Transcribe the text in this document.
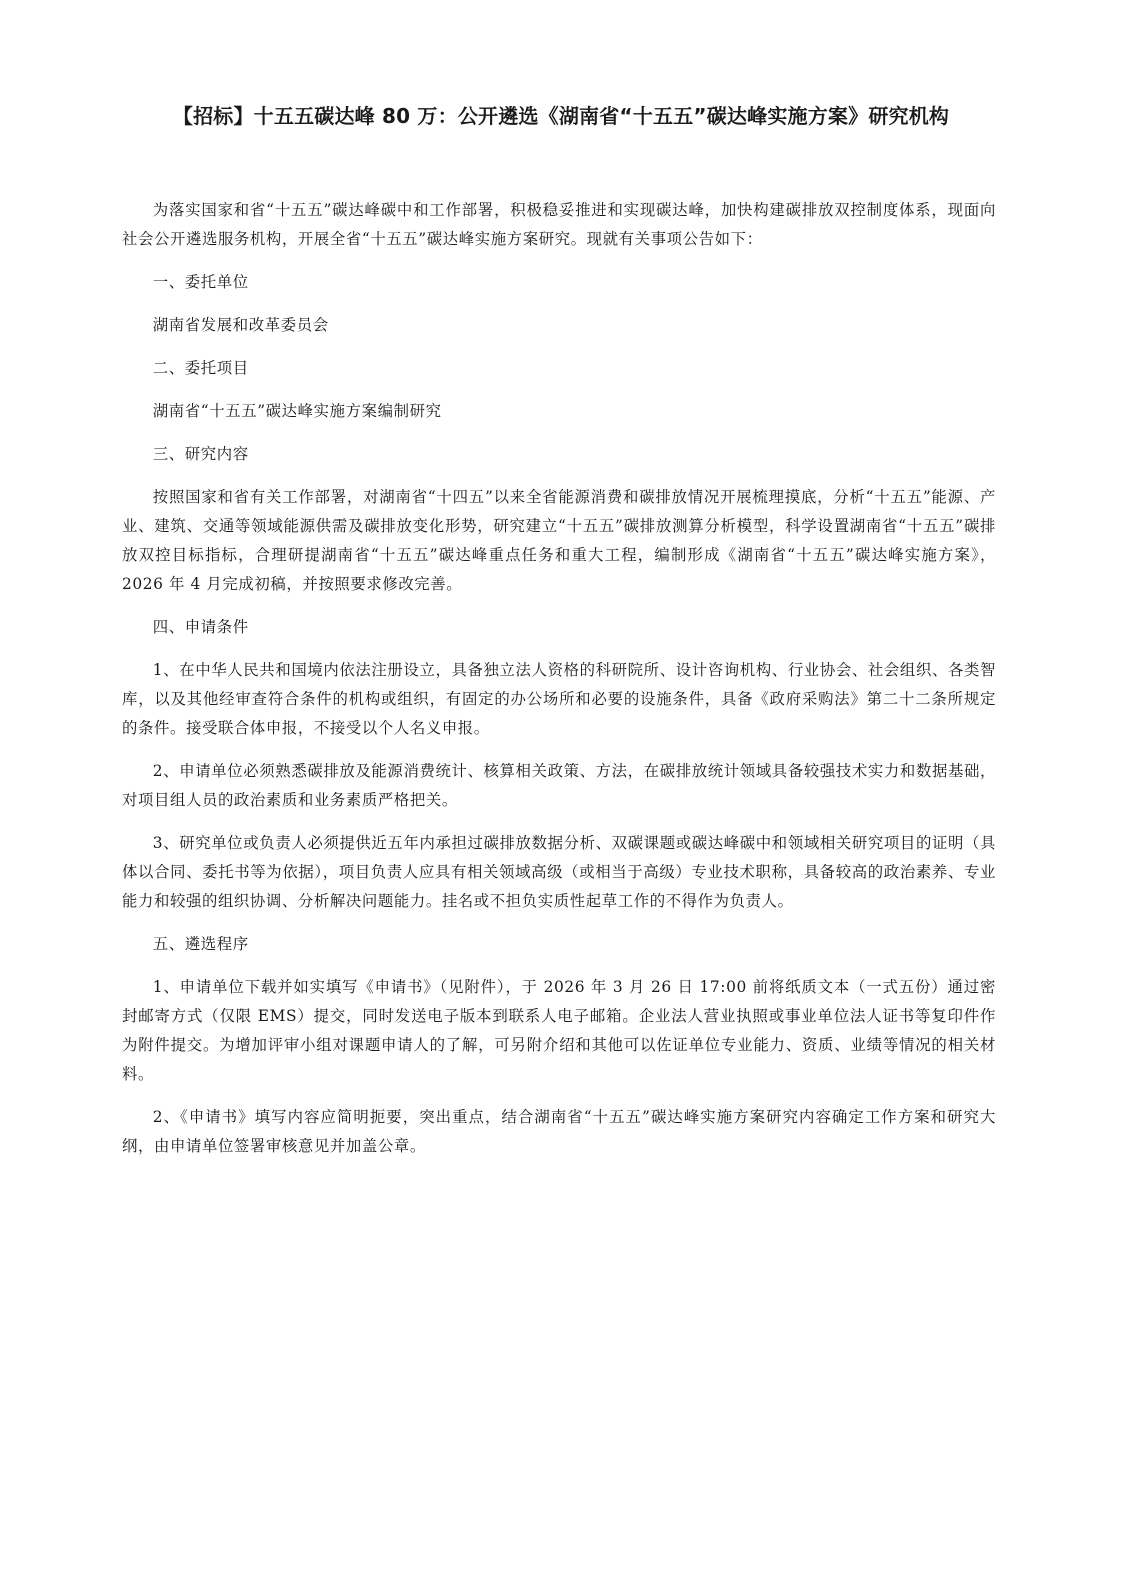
【招标】十五五碳达峰 80 万：公开遴选《湖南省“十五五”碳达峰实施方案》研究机构

为落实国家和省“十五五”碳达峰碳中和工作部署，积极稳妥推进和实现碳达峰，加快构建碳排放双控制度体系，现面向社会公开遴选服务机构，开展全省“十五五”碳达峰实施方案研究。现就有关事项公告如下：

一、委托单位

湖南省发展和改革委员会

二、委托项目

湖南省“十五五”碳达峰实施方案编制研究

三、研究内容

按照国家和省有关工作部署，对湖南省“十四五”以来全省能源消费和碳排放情况开展梳理摸底，分析“十五五”能源、产业、建筑、交通等领域能源供需及碳排放变化形势，研究建立“十五五”碳排放测算分析模型，科学设置湖南省“十五五”碳排放双控目标指标，合理研提湖南省“十五五”碳达峰重点任务和重大工程，编制形成《湖南省“十五五”碳达峰实施方案》，2026 年 4 月完成初稿，并按照要求修改完善。

四、申请条件

1、在中华人民共和国境内依法注册设立，具备独立法人资格的科研院所、设计咨询机构、行业协会、社会组织、各类智库，以及其他经审查符合条件的机构或组织，有固定的办公场所和必要的设施条件，具备《政府采购法》第二十二条所规定的条件。接受联合体申报，不接受以个人名义申报。

2、申请单位必须熟悉碳排放及能源消费统计、核算相关政策、方法，在碳排放统计领域具备较强技术实力和数据基础，对项目组人员的政治素质和业务素质严格把关。

3、研究单位或负责人必须提供近五年内承担过碳排放数据分析、双碳课题或碳达峰碳中和领域相关研究项目的证明（具体以合同、委托书等为依据），项目负责人应具有相关领域高级（或相当于高级）专业技术职称，具备较高的政治素养、专业能力和较强的组织协调、分析解决问题能力。挂名或不担负实质性起草工作的不得作为负责人。

五、遴选程序

1、申请单位下载并如实填写《申请书》（见附件），于 2026 年 3 月 26 日 17:00 前将纸质文本（一式五份）通过密封邮寄方式（仅限 EMS）提交，同时发送电子版本到联系人电子邮箱。企业法人营业执照或事业单位法人证书等复印件作为附件提交。为增加评审小组对课题申请人的了解，可另附介绍和其他可以佐证单位专业能力、资质、业绩等情况的相关材料。

2、《申请书》填写内容应简明扼要，突出重点，结合湖南省“十五五”碳达峰实施方案研究内容确定工作方案和研究大纲，由申请单位签署审核意见并加盖公章。
